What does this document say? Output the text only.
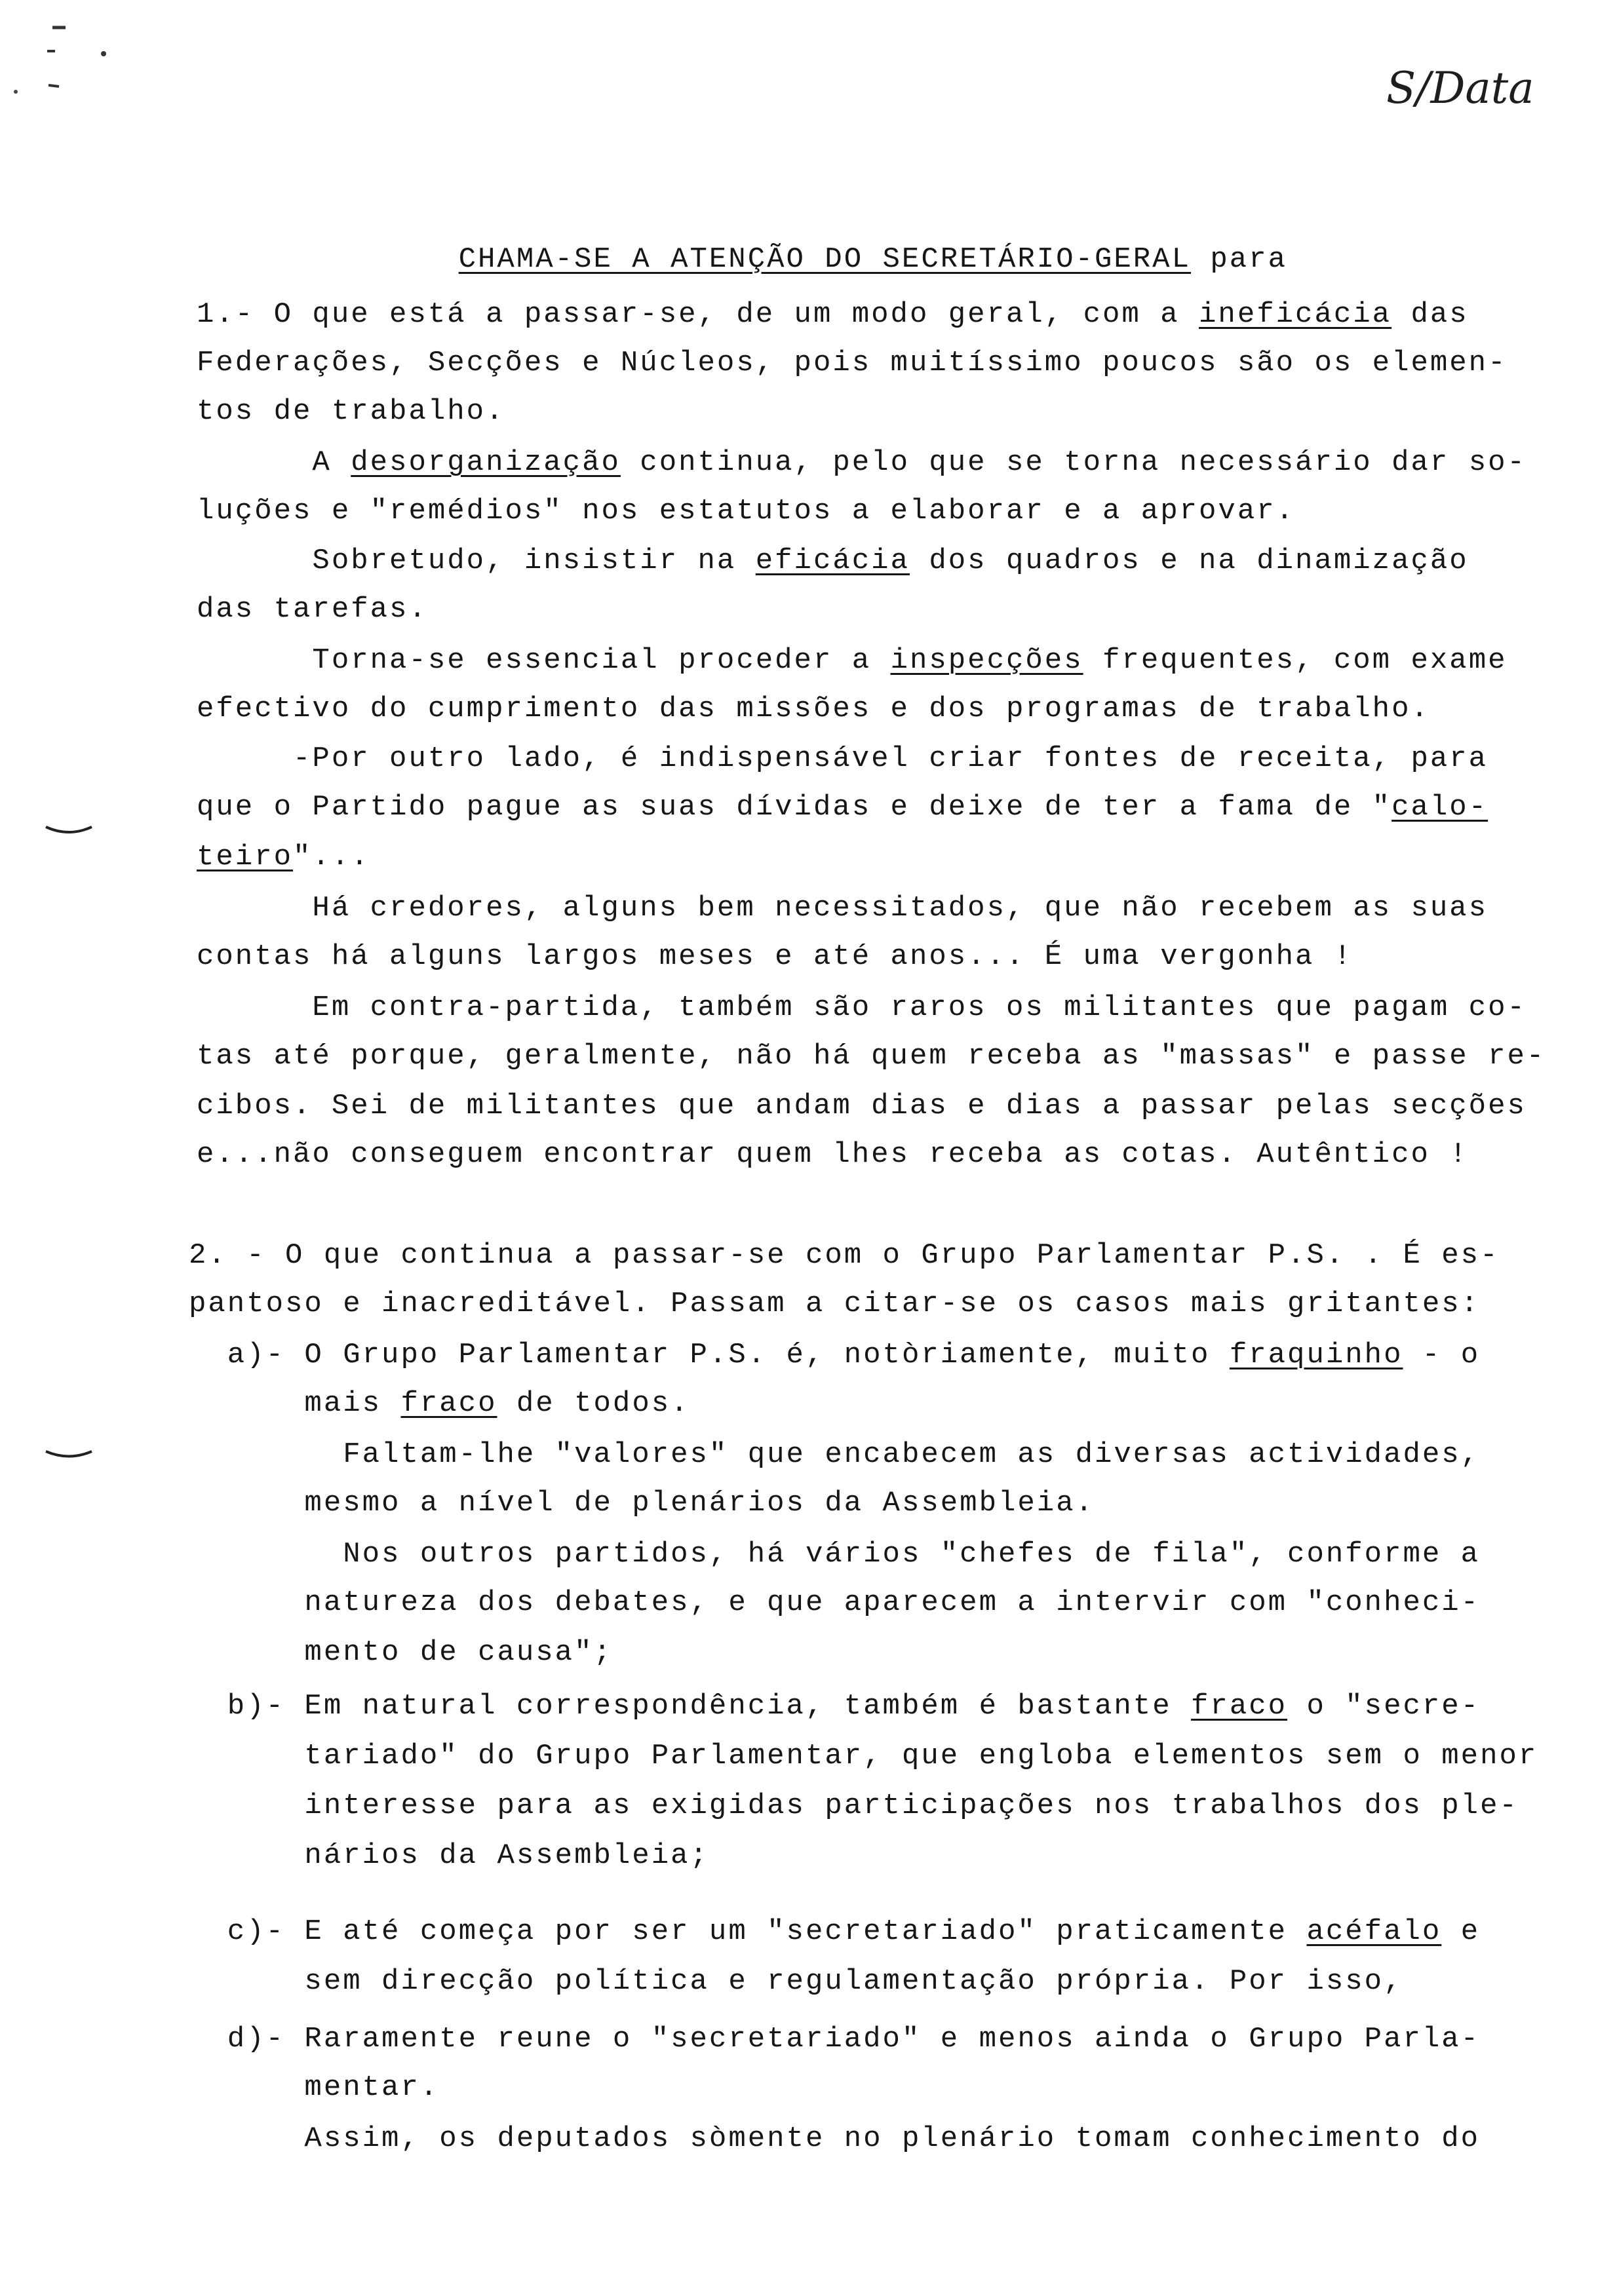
S/Data

CHAMA-SE A ATENÇÃO DO SECRETÁRIO-GERAL para

1.- O que está a passar-se, de um modo geral, com a ineficácia das
Federações, Secções e Núcleos, pois muitíssimo poucos são os elemen-
tos de trabalho.
A desorganização continua, pelo que se torna necessário dar so-
luções e "remédios" nos estatutos a elaborar e a aprovar.
Sobretudo, insistir na eficácia dos quadros e na dinamização
das tarefas.
Torna-se essencial proceder a inspecções frequentes, com exame
efectivo do cumprimento das missões e dos programas de trabalho.
-Por outro lado, é indispensável criar fontes de receita, para
que o Partido pague as suas dívidas e deixe de ter a fama de "calo-
teiro"...
Há credores, alguns bem necessitados, que não recebem as suas
contas há alguns largos meses e até anos... É uma vergonha !
Em contra-partida, também são raros os militantes que pagam co-
tas até porque, geralmente, não há quem receba as "massas" e passe re-
cibos. Sei de militantes que andam dias e dias a passar pelas secções
e...não conseguem encontrar quem lhes receba as cotas. Autêntico !
2. - O que continua a passar-se com o Grupo Parlamentar P.S. . É es-
pantoso e inacreditável. Passam a citar-se os casos mais gritantes:
a)- O Grupo Parlamentar P.S. é, notòriamente, muito fraquinho - o
mais fraco de todos.
Faltam-lhe "valores" que encabecem as diversas actividades,
mesmo a nível de plenários da Assembleia.
Nos outros partidos, há vários "chefes de fila", conforme a
natureza dos debates, e que aparecem a intervir com "conheci-
mento de causa";
b)- Em natural correspondência, também é bastante fraco o "secre-
tariado" do Grupo Parlamentar, que engloba elementos sem o menor
interesse para as exigidas participações nos trabalhos dos ple-
nários da Assembleia;
c)- E até começa por ser um "secretariado" praticamente acéfalo e
sem direcção política e regulamentação própria. Por isso,
d)- Raramente reune o "secretariado" e menos ainda o Grupo Parla-
mentar.
Assim, os deputados sòmente no plenário tomam conhecimento do
